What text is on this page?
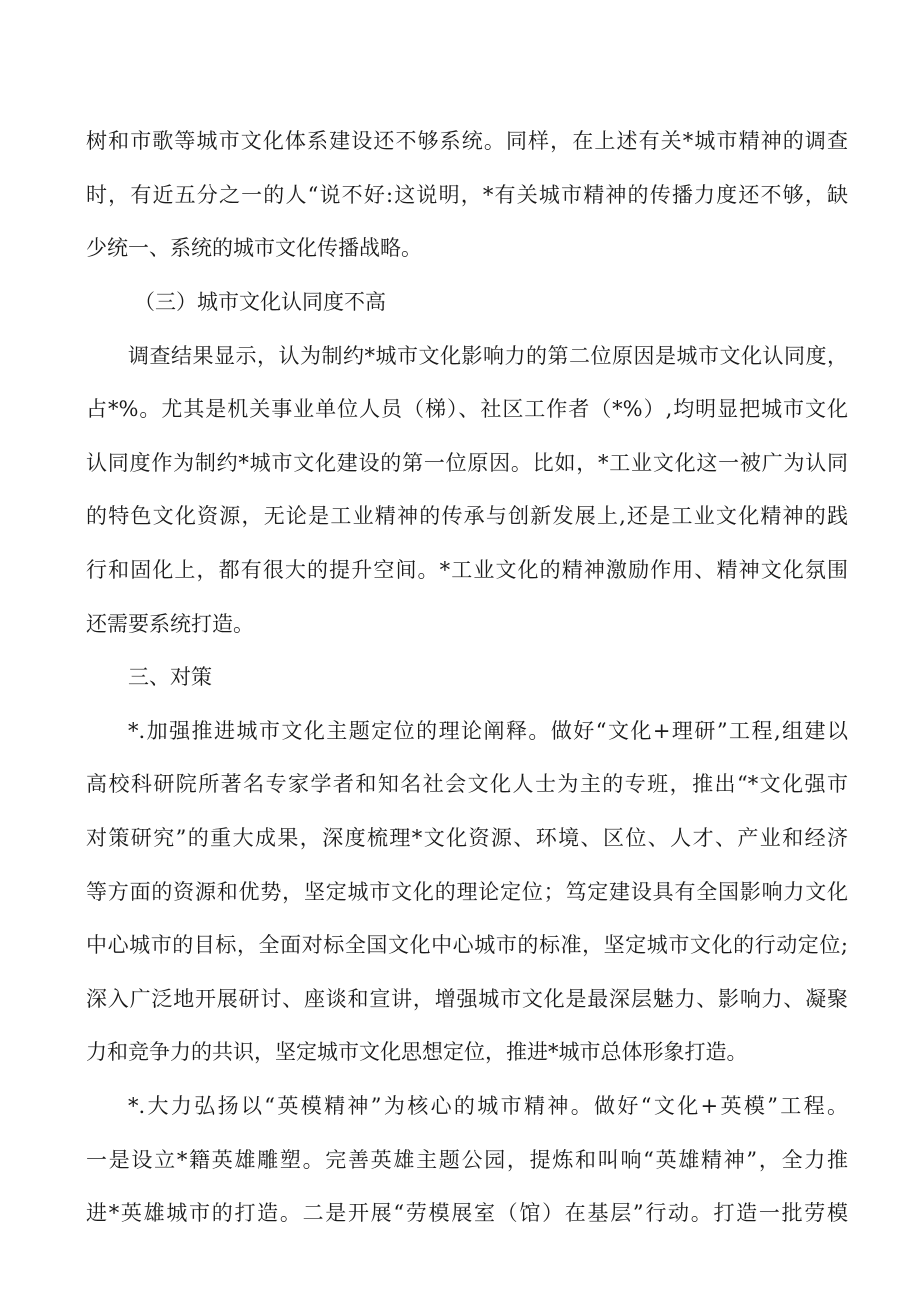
树和市歌等城市文化体系建设还不够系统。同样，在上述有关*城市精神的调查
时，有近五分之一的人“说不好:这说明，*有关城市精神的传播力度还不够，缺
少统一、系统的城市文化传播战略。
（三）城市文化认同度不高
调查结果显示，认为制约*城市文化影响力的第二位原因是城市文化认同度，
占*%。尤其是机关事业单位人员（梯）、社区工作者（*%）,均明显把城市文化
认同度作为制约*城市文化建设的第一位原因。比如，*工业文化这一被广为认同
的特色文化资源，无论是工业精神的传承与创新发展上,还是工业文化精神的践
行和固化上，都有很大的提升空间。*工业文化的精神激励作用、精神文化氛围
还需要系统打造。
三、对策
*.加强推进城市文化主题定位的理论阐释。做好“文化+理研”工程,组建以
高校科研院所著名专家学者和知名社会文化人士为主的专班，推出“*文化强市
对策研究”的重大成果，深度梳理*文化资源、环境、区位、人才、产业和经济
等方面的资源和优势，坚定城市文化的理论定位；笃定建设具有全国影响力文化
中心城市的目标，全面对标全国文化中心城市的标准，坚定城市文化的行动定位;
深入广泛地开展研讨、座谈和宣讲，增强城市文化是最深层魅力、影响力、凝聚
力和竞争力的共识，坚定城市文化思想定位，推进*城市总体形象打造。
*.大力弘扬以“英模精神”为核心的城市精神。做好“文化+英模”工程。
一是设立*籍英雄雕塑。完善英雄主题公园，提炼和叫响“英雄精神”，全力推
进*英雄城市的打造。二是开展“劳模展室（馆）在基层”行动。打造一批劳模
